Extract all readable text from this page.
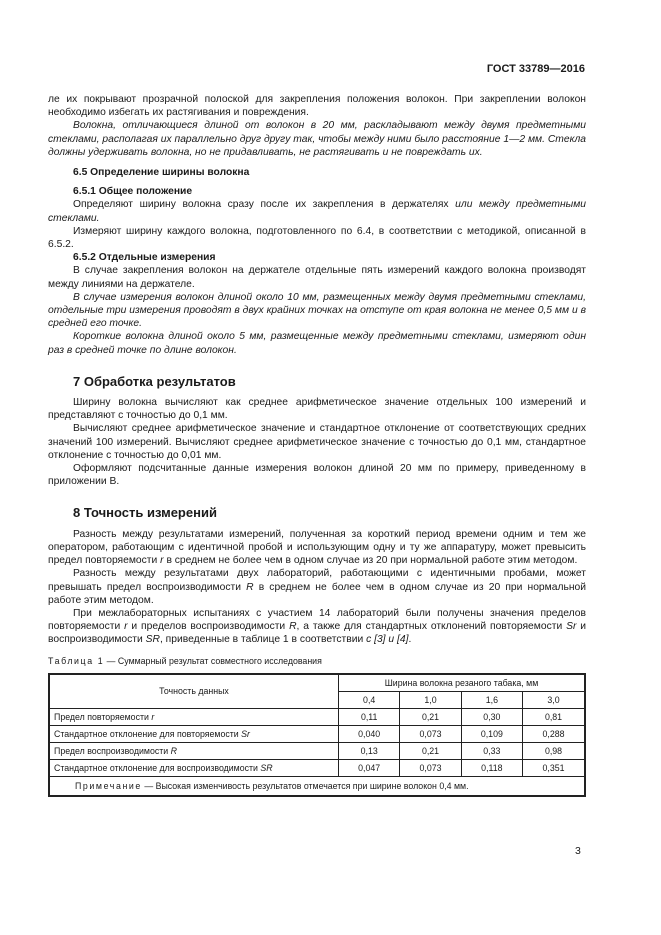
ГОСТ 33789—2016

ле их покрывают прозрачной полоской для закрепления положения волокон. При закреплении волокон необходимо избегать их растягивания и повреждения.

Волокна, отличающиеся длиной от волокон в 20 мм, раскладывают между двумя предметными стеклами, располагая их параллельно друг другу так, чтобы между ними было расстояние 1—2 мм. Стекла должны удерживать волокна, но не придавливать, не растягивать и не повреждать их.

6.5 Определение ширины волокна

6.5.1 Общее положение

Определяют ширину волокна сразу после их закрепления в держателях или между предметными стеклами.

Измеряют ширину каждого волокна, подготовленного по 6.4, в соответствии с методикой, описанной в 6.5.2.

6.5.2 Отдельные измерения

В случае закрепления волокон на держателе отдельные пять измерений каждого волокна производят между линиями на держателе.

В случае измерения волокон длиной около 10 мм, размещенных между двумя предметными стеклами, отдельные три измерения проводят в двух крайних точках на отступе от края волокна не менее 0,5 мм и в средней его точке.

Короткие волокна длиной около 5 мм, размещенные между предметными стеклами, измеряют один раз в средней точке по длине волокон.

7 Обработка результатов

Ширину волокна вычисляют как среднее арифметическое значение отдельных 100 измерений и представляют с точностью до 0,1 мм.

Вычисляют среднее арифметическое значение и стандартное отклонение от соответствующих средних значений 100 измерений. Вычисляют среднее арифметическое значение с точностью до 0,1 мм, стандартное отклонение с точностью до 0,01 мм.

Оформляют подсчитанные данные измерения волокон длиной 20 мм по примеру, приведенному в приложении В.

8 Точность измерений

Разность между результатами измерений, полученная за короткий период времени одним и тем же оператором, работающим с идентичной пробой и использующим одну и ту же аппаратуру, может превысить предел повторяемости r в среднем не более чем в одном случае из 20 при нормальной работе этим методом.

Разность между результатами двух лабораторий, работающими с идентичными пробами, может превышать предел воспроизводимости R в среднем не более чем в одном случае из 20 при нормальной работе этим методом.

При межлабораторных испытаниях с участием 14 лабораторий были получены значения пределов повторяемости r и пределов воспроизводимости R, а также для стандартных отклонений повторяемости Sr и воспроизводимости SR, приведенные в таблице 1 в соответствии с [3] и [4].

Таблица 1 — Суммарный результат совместного исследования
Точность данных	Ширина волокна резаного табака, мм			
	0,4	1,0	1,6	3,0
Предел повторяемости r	0,11	0,21	0,30	0,81
Стандартное отклонение для повторяемости Sr	0,040	0,073	0,109	0,288
Предел воспроизводимости R	0,13	0,21	0,33	0,98
Стандартное отклонение для воспроизводимости SR	0,047	0,073	0,118	0,351
Примечание — Высокая изменчивость результатов отмечается при ширине волокон 0,4 мм.				
3
